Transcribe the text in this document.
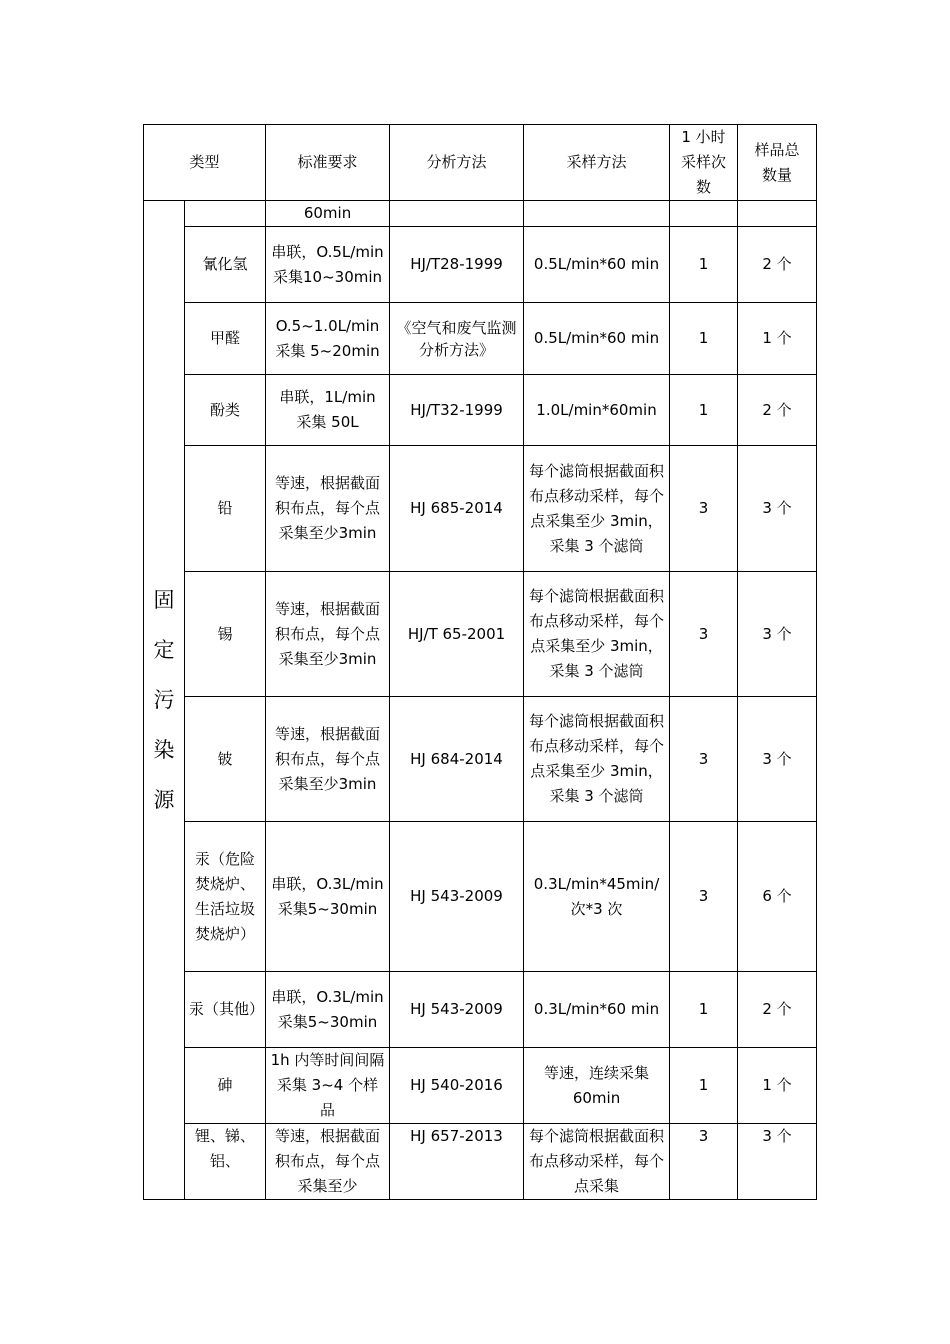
类型		标准要求	分析方法	采样方法	1 小时采样次数	样品总数量

固定污染源		60min				
	氰化氢	串联，O.5L/min 采集10~30min	HJ/T28-1999	0.5L/min*60 min	1	2 个
	甲醛	O.5~1.0L/min 采集 5~20min	《空气和废气监测分析方法》	0.5L/min*60 min	1	1 个
	酚类	串联，1L/min 采集 50L	HJ/T32-1999	1.0L/min*60min	1	2 个
	铅	等速，根据截面积布点，每个点采集至少3min	HJ 685-2014	每个滤筒根据截面积布点移动采样，每个点采集至少 3min，采集 3 个滤筒	3	3 个
	锡	等速，根据截面积布点，每个点采集至少3min	HJ/T 65-2001	每个滤筒根据截面积布点移动采样，每个点采集至少 3min，采集 3 个滤筒	3	3 个
	铍	等速，根据截面积布点，每个点采集至少3min	HJ 684-2014	每个滤筒根据截面积布点移动采样，每个点采集至少 3min，采集 3 个滤筒	3	3 个
	汞（危险焚烧炉、生活垃圾焚烧炉）	串联，O.3L/min 采集5~30min	HJ 543-2009	0.3L/min*45min/次*3 次	3	6 个
	汞（其他）	串联，O.3L/min 采集5~30min	HJ 543-2009	0.3L/min*60 min	1	2 个
	砷	1h 内等时间间隔采集 3~4 个样品	HJ 540-2016	等速，连续采集60min	1	1 个
	锂、锑、铝、	等速，根据截面积布点，每个点采集至少	HJ 657-2013	每个滤筒根据截面积布点移动采样，每个点采集	3	3 个
